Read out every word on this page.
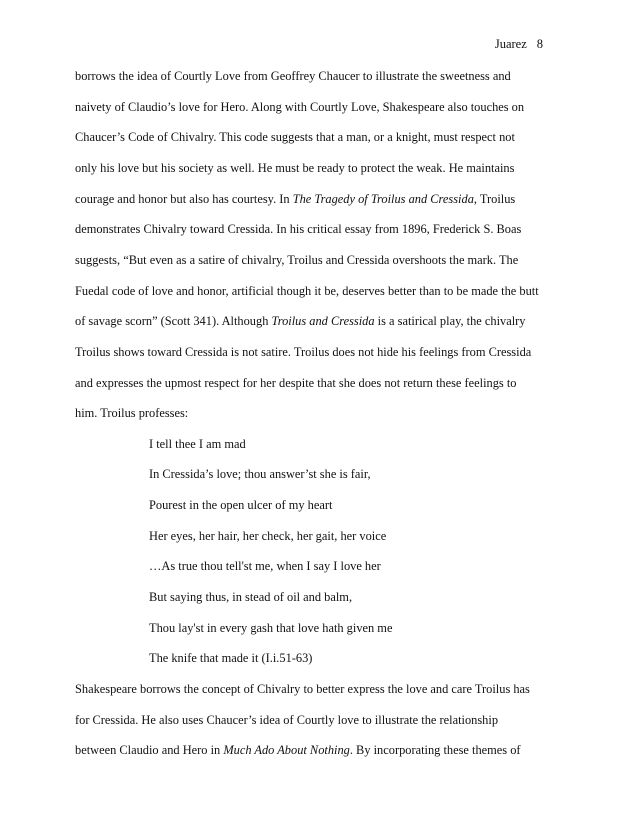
Juarez 8
borrows the idea of Courtly Love from Geoffrey Chaucer to illustrate the sweetness and
naivety of Claudio’s love for Hero. Along with Courtly Love, Shakespeare also touches on
Chaucer’s Code of Chivalry. This code suggests that a man, or a knight, must respect not
only his love but his society as well. He must be ready to protect the weak. He maintains
courage and honor but also has courtesy. In The Tragedy of Troilus and Cressida, Troilus
demonstrates Chivalry toward Cressida. In his critical essay from 1896, Frederick S. Boas
suggests, “But even as a satire of chivalry, Troilus and Cressida overshoots the mark. The
Fuedal code of love and honor, artificial though it be, deserves better than to be made the butt
of savage scorn” (Scott 341). Although Troilus and Cressida is a satirical play, the chivalry
Troilus shows toward Cressida is not satire. Troilus does not hide his feelings from Cressida
and expresses the upmost respect for her despite that she does not return these feelings to
him. Troilus professes:
I tell thee I am mad
In Cressida’s love; thou answer’st she is fair,
Pourest in the open ulcer of my heart
Her eyes, her hair, her check, her gait, her voice
…As true thou tell'st me, when I say I love her
But saying thus, in stead of oil and balm,
Thou lay'st in every gash that love hath given me
The knife that made it (I.i.51-63)
Shakespeare borrows the concept of Chivalry to better express the love and care Troilus has
for Cressida. He also uses Chaucer’s idea of Courtly love to illustrate the relationship
between Claudio and Hero in Much Ado About Nothing. By incorporating these themes of
